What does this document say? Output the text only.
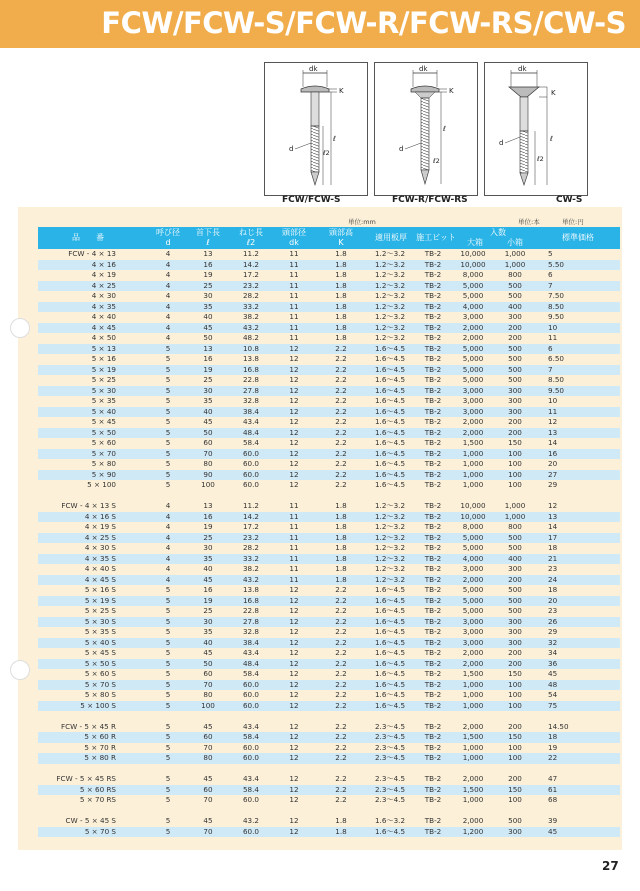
FCW/FCW-S/FCW-R/FCW-RS/CW-S
dk
K
d
ℓ
ℓ2
FCW/FCW-S
dk
K
d
ℓ
ℓ2
FCW-R/FCW-RS
dk
K
d	ℓ
ℓ2
CW-S
単位:mm	単位:本	単位:円
品　　番
呼び径
d
首下長
ℓ
ねじ長
ℓ2
頭部径
dk
頭部高
K
適用板厚	施工ビット
入数
大箱	小箱
標準価格
FCW - 4 × 13	4	13	11.2	11	1.8	1.2～3.2	TB-2	10,000	1,000	5
4 × 16	4	16	14.2	11	1.8	1.2～3.2	TB-2	10,000	1,000	5.50
4 × 19	4	19	17.2	11	1.8	1.2～3.2	TB-2	8,000	800	6
4 × 25	4	25	23.2	11	1.8	1.2～3.2	TB-2	5,000	500	7
4 × 30	4	30	28.2	11	1.8	1.2～3.2	TB-2	5,000	500	7.50
4 × 35	4	35	33.2	11	1.8	1.2～3.2	TB-2	4,000	400	8.50
4 × 40	4	40	38.2	11	1.8	1.2～3.2	TB-2	3,000	300	9.50
4 × 45	4	45	43.2	11	1.8	1.2～3.2	TB-2	2,000	200	10
4 × 50	4	50	48.2	11	1.8	1.2～3.2	TB-2	2,000	200	11
5 × 13	5	13	10.8	12	2.2	1.6～4.5	TB-2	5,000	500	6
5 × 16	5	16	13.8	12	2.2	1.6～4.5	TB-2	5,000	500	6.50
5 × 19	5	19	16.8	12	2.2	1.6～4.5	TB-2	5,000	500	7
5 × 25	5	25	22.8	12	2.2	1.6～4.5	TB-2	5,000	500	8.50
5 × 30	5	30	27.8	12	2.2	1.6～4.5	TB-2	3,000	300	9.50
5 × 35	5	35	32.8	12	2.2	1.6～4.5	TB-2	3,000	300	10
5 × 40	5	40	38.4	12	2.2	1.6～4.5	TB-2	3,000	300	11
5 × 45	5	45	43.4	12	2.2	1.6～4.5	TB-2	2,000	200	12
5 × 50	5	50	48.4	12	2.2	1.6～4.5	TB-2	2,000	200	13
5 × 60	5	60	58.4	12	2.2	1.6～4.5	TB-2	1,500	150	14
5 × 70	5	70	60.0	12	2.2	1.6～4.5	TB-2	1,000	100	16
5 × 80	5	80	60.0	12	2.2	1.6～4.5	TB-2	1,000	100	20
5 × 90	5	90	60.0	12	2.2	1.6～4.5	TB-2	1,000	100	27
5 × 100	5	100	60.0	12	2.2	1.6～4.5	TB-2	1,000	100	29
FCW - 4 × 13 S	4	13	11.2	11	1.8	1.2～3.2	TB-2	10,000	1,000	12
4 × 16 S	4	16	14.2	11	1.8	1.2～3.2	TB-2	10,000	1,000	13
4 × 19 S	4	19	17.2	11	1.8	1.2～3.2	TB-2	8,000	800	14
4 × 25 S	4	25	23.2	11	1.8	1.2～3.2	TB-2	5,000	500	17
4 × 30 S	4	30	28.2	11	1.8	1.2～3.2	TB-2	5,000	500	18
4 × 35 S	4	35	33.2	11	1.8	1.2～3.2	TB-2	4,000	400	21
4 × 40 S	4	40	38.2	11	1.8	1.2～3.2	TB-2	3,000	300	23
4 × 45 S	4	45	43.2	11	1.8	1.2～3.2	TB-2	2,000	200	24
5 × 16 S	5	16	13.8	12	2.2	1.6～4.5	TB-2	5,000	500	18
5 × 19 S	5	19	16.8	12	2.2	1.6～4.5	TB-2	5,000	500	20
5 × 25 S	5	25	22.8	12	2.2	1.6～4.5	TB-2	5,000	500	23
5 × 30 S	5	30	27.8	12	2.2	1.6～4.5	TB-2	3,000	300	26
5 × 35 S	5	35	32.8	12	2.2	1.6～4.5	TB-2	3,000	300	29
5 × 40 S	5	40	38.4	12	2.2	1.6～4.5	TB-2	3,000	300	32
5 × 45 S	5	45	43.4	12	2.2	1.6～4.5	TB-2	2,000	200	34
5 × 50 S	5	50	48.4	12	2.2	1.6～4.5	TB-2	2,000	200	36
5 × 60 S	5	60	58.4	12	2.2	1.6～4.5	TB-2	1,500	150	45
5 × 70 S	5	70	60.0	12	2.2	1.6～4.5	TB-2	1,000	100	48
5 × 80 S	5	80	60.0	12	2.2	1.6～4.5	TB-2	1,000	100	54
5 × 100 S	5	100	60.0	12	2.2	1.6～4.5	TB-2	1,000	100	75
FCW - 5 × 45 R	5	45	43.4	12	2.2	2.3～4.5	TB-2	2,000	200	14.50
5 × 60 R	5	60	58.4	12	2.2	2.3～4.5	TB-2	1,500	150	18
5 × 70 R	5	70	60.0	12	2.2	2.3～4.5	TB-2	1,000	100	19
5 × 80 R	5	80	60.0	12	2.2	2.3～4.5	TB-2	1,000	100	22
FCW - 5 × 45 RS	5	45	43.4	12	2.2	2.3～4.5	TB-2	2,000	200	47
5 × 60 RS	5	60	58.4	12	2.2	2.3～4.5	TB-2	1,500	150	61
5 × 70 RS	5	70	60.0	12	2.2	2.3～4.5	TB-2	1,000	100	68
CW - 5 × 45 S	5	45	43.2	12	1.8	1.6～3.2	TB-2	2,000	500	39
5 × 70 S	5	70	60.0	12	1.8	1.6～4.5	TB-2	1,200	300	45
27
